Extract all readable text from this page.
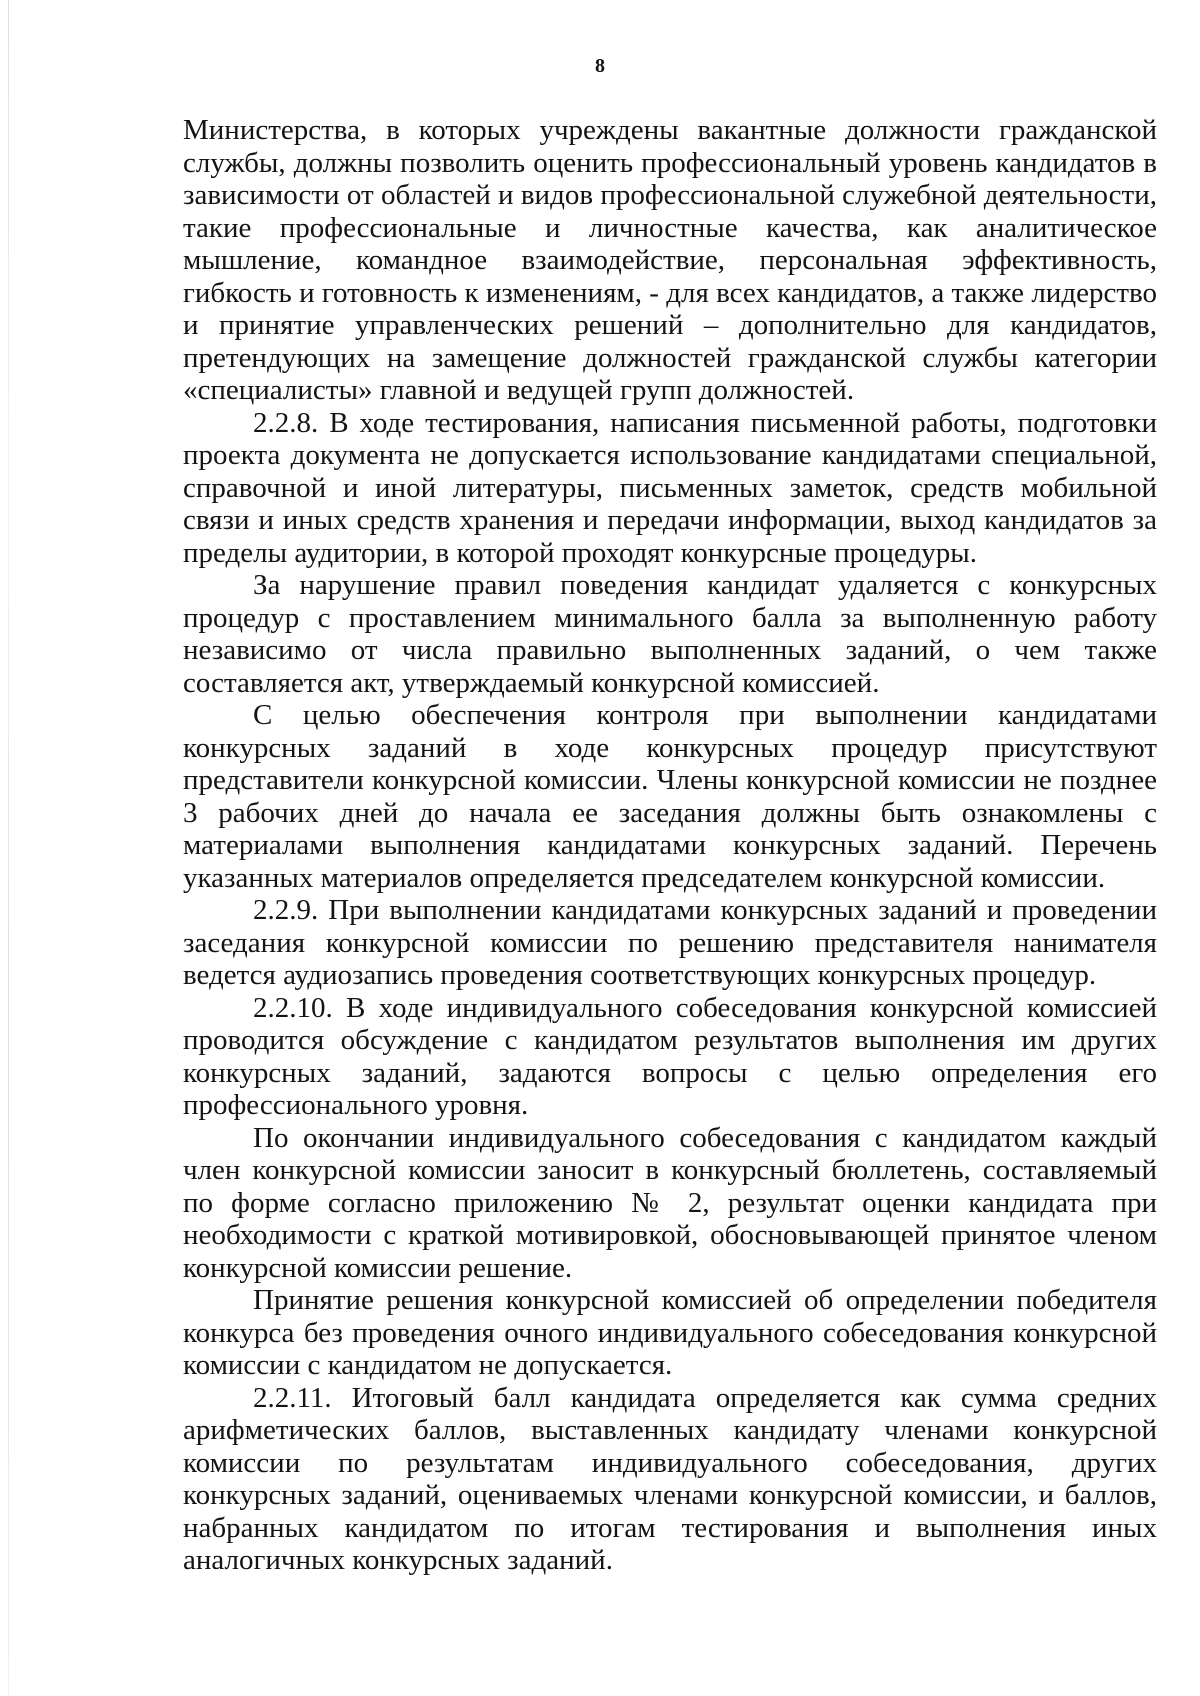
8

Министерства, в которых учреждены вакантные должности гражданской службы, должны позволить оценить профессиональный уровень кандидатов в зависимости от областей и видов профессиональной служебной деятельности, такие профессиональные и личностные качества, как аналитическое мышление, командное взаимодействие, персональная эффективность, гибкость и готовность к изменениям, - для всех кандидатов, а также лидерство и принятие управленческих решений – дополнительно для кандидатов, претендующих на замещение должностей гражданской службы категории «специалисты» главной и ведущей групп должностей.

2.2.8. В ходе тестирования, написания письменной работы, подготовки проекта документа не допускается использование кандидатами специальной, справочной и иной литературы, письменных заметок, средств мобильной связи и иных средств хранения и передачи информации, выход кандидатов за пределы аудитории, в которой проходят конкурсные процедуры.

За нарушение правил поведения кандидат удаляется с конкурсных процедур с проставлением минимального балла за выполненную работу независимо от числа правильно выполненных заданий, о чем также составляется акт, утверждаемый конкурсной комиссией.

С целью обеспечения контроля при выполнении кандидатами конкурсных заданий в ходе конкурсных процедур присутствуют представители конкурсной комиссии. Члены конкурсной комиссии не позднее 3 рабочих дней до начала ее заседания должны быть ознакомлены с материалами выполнения кандидатами конкурсных заданий. Перечень указанных материалов определяется председателем конкурсной комиссии.

2.2.9. При выполнении кандидатами конкурсных заданий и проведении заседания конкурсной комиссии по решению представителя нанимателя ведется аудиозапись проведения соответствующих конкурсных процедур.

2.2.10. В ходе индивидуального собеседования конкурсной комиссией проводится обсуждение с кандидатом результатов выполнения им других конкурсных заданий, задаются вопросы с целью определения его профессионального уровня.

По окончании индивидуального собеседования с кандидатом каждый член конкурсной комиссии заносит в конкурсный бюллетень, составляемый по форме согласно приложению № 2, результат оценки кандидата при необходимости с краткой мотивировкой, обосновывающей принятое членом конкурсной комиссии решение.

Принятие решения конкурсной комиссией об определении победителя конкурса без проведения очного индивидуального собеседования конкурсной комиссии с кандидатом не допускается.

2.2.11. Итоговый балл кандидата определяется как сумма средних арифметических баллов, выставленных кандидату членами конкурсной комиссии по результатам индивидуального собеседования, других конкурсных заданий, оцениваемых членами конкурсной комиссии, и баллов, набранных кандидатом по итогам тестирования и выполнения иных аналогичных конкурсных заданий.
